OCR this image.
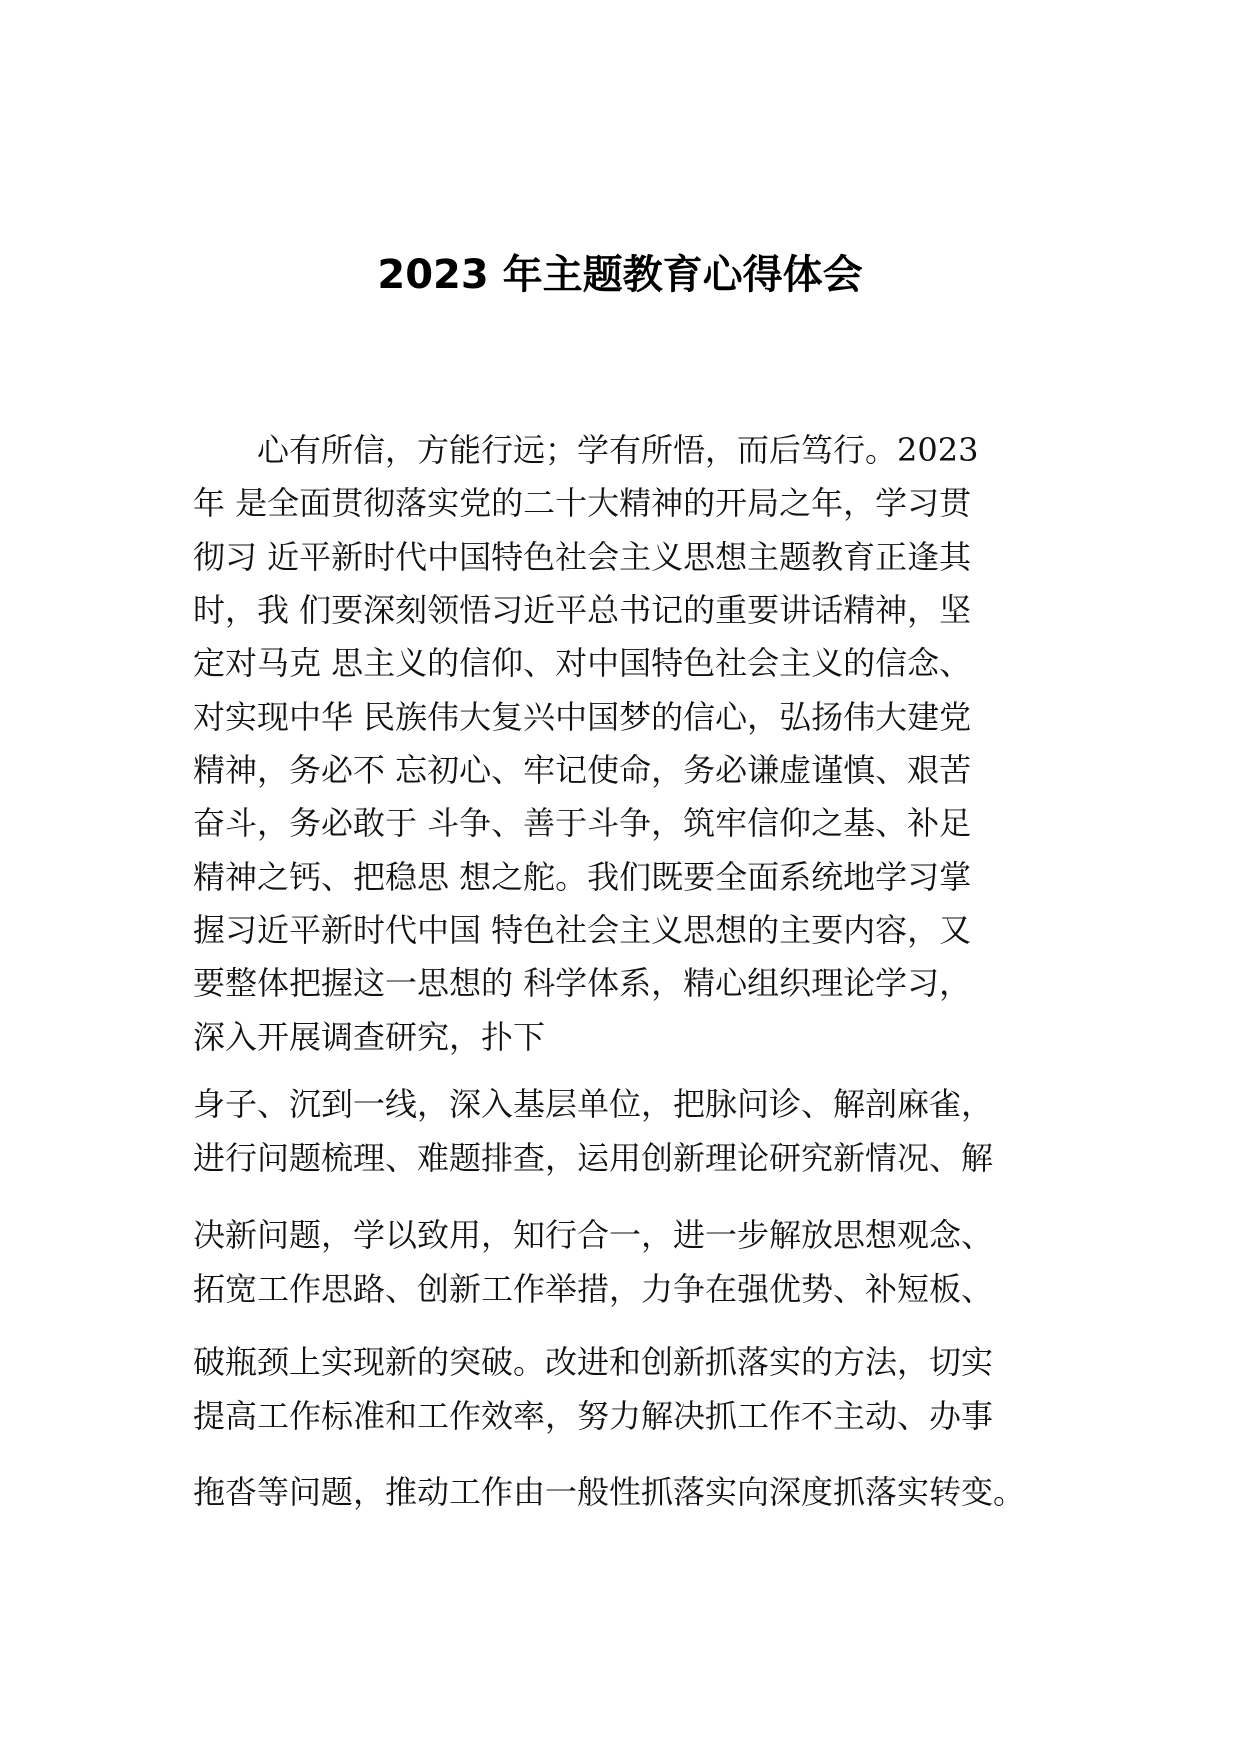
2023 年主题教育心得体会
　　心有所信，方能行远；学有所悟，而后笃行。2023
年 是全面贯彻落实党的二十大精神的开局之年，学习贯
彻习 近平新时代中国特色社会主义思想主题教育正逢其
时，我 们要深刻领悟习近平总书记的重要讲话精神，坚
定对马克 思主义的信仰、对中国特色社会主义的信念、
对实现中华 民族伟大复兴中国梦的信心，弘扬伟大建党
精神，务必不 忘初心、牢记使命，务必谦虚谨慎、艰苦
奋斗，务必敢于 斗争、善于斗争，筑牢信仰之基、补足
精神之钙、把稳思 想之舵。我们既要全面系统地学习掌
握习近平新时代中国 特色社会主义思想的主要内容，又
要整体把握这一思想的 科学体系，精心组织理论学习，
深入开展调查研究，扑下
身子、沉到一线，深入基层单位，把脉问诊、解剖麻雀，
进行问题梳理、难题排查，运用创新理论研究新情况、解
决新问题，学以致用，知行合一，进一步解放思想观念、
拓宽工作思路、创新工作举措，力争在强优势、补短板、
破瓶颈上实现新的突破。改进和创新抓落实的方法，切实
提高工作标准和工作效率，努力解决抓工作不主动、办事
拖沓等问题，推动工作由一般性抓落实向深度抓落实转变。
